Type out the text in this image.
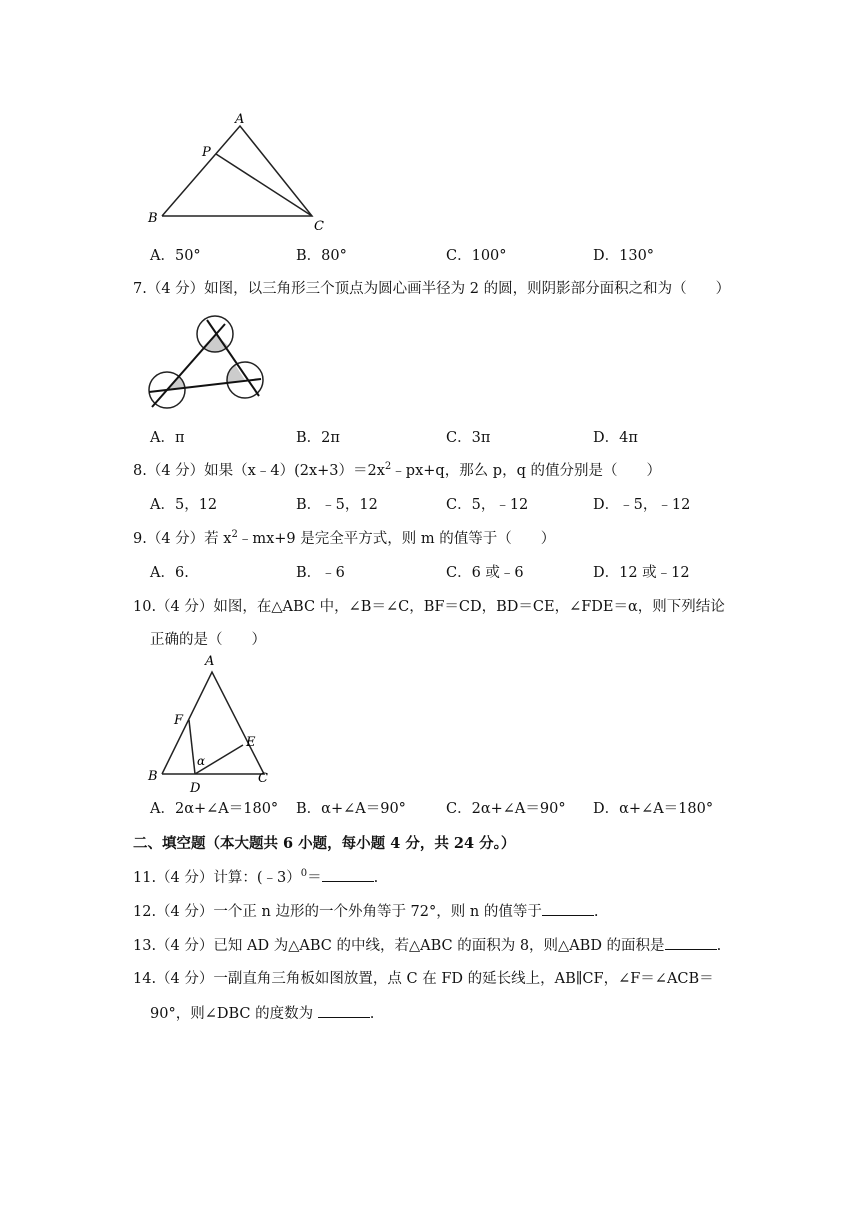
A
P
B
C
A．50°	B．80°	C．100°	D．130°
7.（4 分）如图，以三角形三个顶点为圆心画半径为 2 的圆，则阴影部分面积之和为（　　）
A．π	B．2π	C．3π	D．4π
8.（4 分）如果$(x﹣4)(2x+3)=2x^2﹣px+q$，那么 p，q 的值分别是（　　）
A．5，12	B．﹣5，12	C．5，﹣12	D．﹣5，﹣12
9.（4 分）若 $x^2﹣mx+9$ 是完全平方式，则 m 的值等于（　　）
A．6.	B．﹣6	C．6 或﹣6	D．12 或﹣12
10.（4 分）如图，在△ABC 中，∠B＝∠C，BF＝CD，BD＝CE，∠FDE＝α，则下列结论
正确的是（　　）
A
F
E
α
B
D
C
A．2α+∠A＝180° B．α+∠A＝90°	C．2α+∠A＝90° D．α+∠A＝180°
二、填空题（本大题共 6 小题，每小题 4 分，共 24 分。）
11.（4 分）计算：(﹣3）$^0$＝	.
12.（4 分）一个正 n 边形的一个外角等于 72°，则 n 的值等于	.
13.（4 分）已知 AD 为△ABC 的中线，若△ABC 的面积为 8，则△ABD 的面积是	.
14.（4 分）一副直角三角板如图放置，点 C 在 FD 的延长线上，AB∥CF，∠F＝∠ACB＝
90°，则∠DBC 的度数为	.
